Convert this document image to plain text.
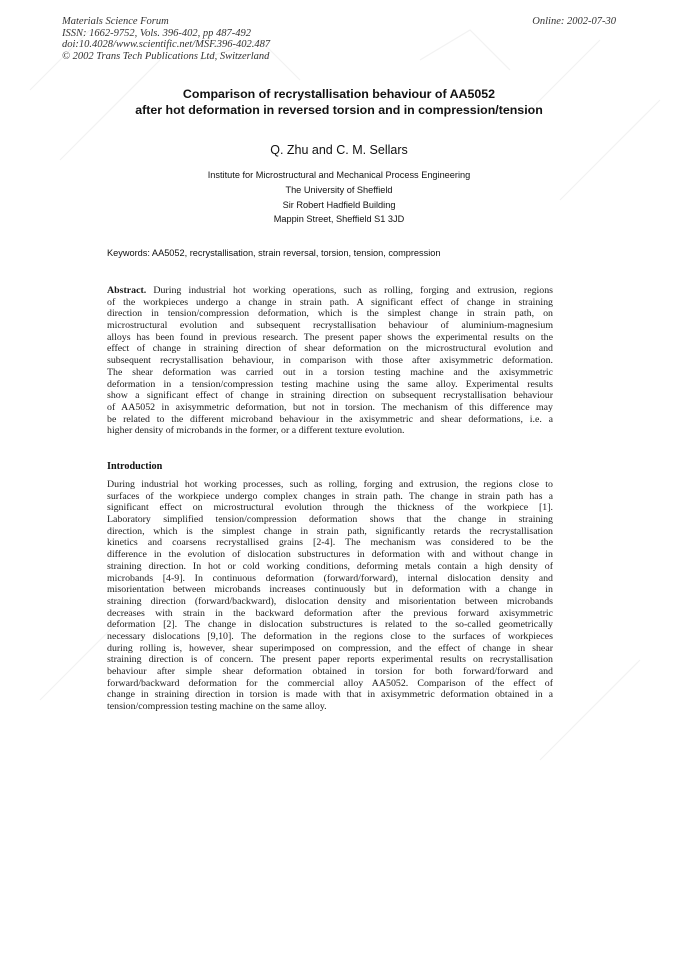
Materials Science Forum
ISSN: 1662-9752, Vols. 396-402, pp 487-492
doi:10.4028/www.scientific.net/MSF.396-402.487
© 2002 Trans Tech Publications Ltd, Switzerland
Online: 2002-07-30
Comparison of recrystallisation behaviour of AA5052
after hot deformation in reversed torsion and in compression/tension
Q. Zhu and C. M. Sellars
Institute for Microstructural and Mechanical Process Engineering
The University of Sheffield
Sir Robert Hadfield Building
Mappin Street, Sheffield S1 3JD
Keywords: AA5052, recrystallisation, strain reversal, torsion, tension, compression
Abstract. During industrial hot working operations, such as rolling, forging and extrusion, regions
of the workpieces undergo a change in strain path. A significant effect of change in straining
direction in tension/compression deformation, which is the simplest change in strain path, on
microstructural evolution and subsequent recrystallisation behaviour of aluminium-magnesium
alloys has been found in previous research. The present paper shows the experimental results on the
effect of change in straining direction of shear deformation on the microstructural evolution and
subsequent recrystallisation behaviour, in comparison with those after axisymmetric deformation.
The shear deformation was carried out in a torsion testing machine and the axisymmetric
deformation in a tension/compression testing machine using the same alloy. Experimental results
show a significant effect of change in straining direction on subsequent recrystallisation behaviour
of AA5052 in axisymmetric deformation, but not in torsion. The mechanism of this difference may
be related to the different microband behaviour in the axisymmetric and shear deformations, i.e. a
higher density of microbands in the former, or a different texture evolution.
Introduction
During industrial hot working processes, such as rolling, forging and extrusion, the regions close to
surfaces of the workpiece undergo complex changes in strain path. The change in strain path has a
significant effect on microstructural evolution through the thickness of the workpiece [1].
Laboratory simplified tension/compression deformation shows that the change in straining
direction, which is the simplest change in strain path, significantly retards the recrystallisation
kinetics and coarsens recrystallised grains [2-4]. The mechanism was considered to be the
difference in the evolution of dislocation substructures in deformation with and without change in
straining direction. In hot or cold working conditions, deforming metals contain a high density of
microbands [4-9]. In continuous deformation (forward/forward), internal dislocation density and
misorientation between microbands increases continuously but in deformation with a change in
straining direction (forward/backward), dislocation density and misorientation between microbands
decreases with strain in the backward deformation after the previous forward axisymmetric
deformation [2]. The change in dislocation substructures is related to the so-called geometrically
necessary dislocations [9,10]. The deformation in the regions close to the surfaces of workpieces
during rolling is, however, shear superimposed on compression, and the effect of change in shear
straining direction is of concern. The present paper reports experimental results on recrystallisation
behaviour after simple shear deformation obtained in torsion for both forward/forward and
forward/backward deformation for the commercial alloy AA5052. Comparison of the effect of
change in straining direction in torsion is made with that in axisymmetric deformation obtained in a
tension/compression testing machine on the same alloy.
